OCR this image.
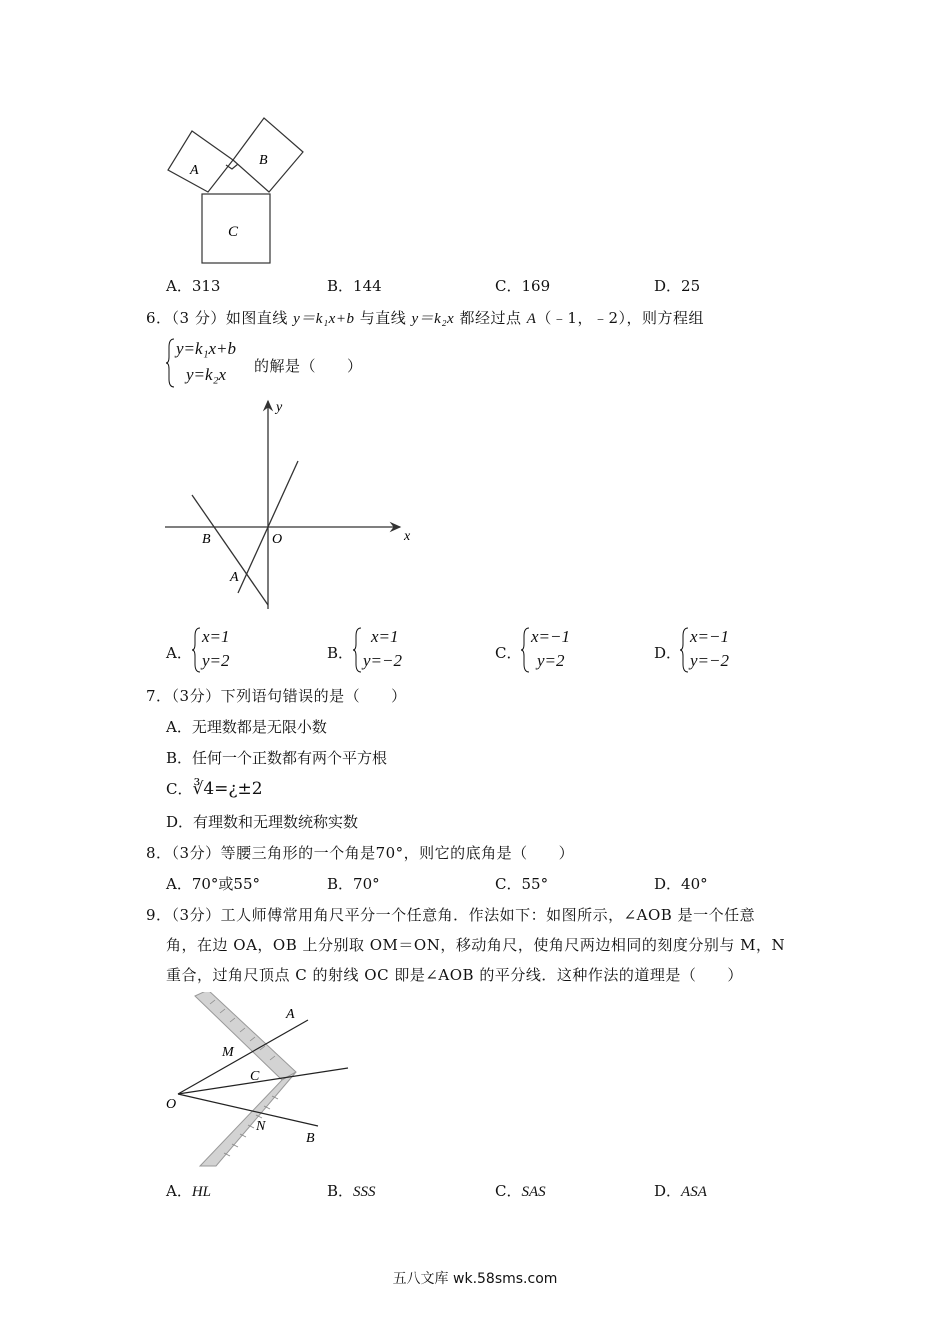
A
B
C
A．313	B．144	C．169	D．25
6．（3 分）如图直线 y＝k₁x+b 与直线 y＝k₂x 都经过点 A（﹣1，﹣2），则方程组
y=k₁x+b
y=k₂x 的解是（　　）
y
x
B	O
A
A．
x=1
y=2	B．
x=1
y=−2	C．
x=−1
y=2	D．
x=−1
y=−2
7．（3分）下列语句错误的是（　　）
A．无理数都是无限小数
B．任何一个正数都有两个平方根
C．∛4=¿±2
D．有理数和无理数统称实数
8．（3分）等腰三角形的一个角是70°，则它的底角是（　　）
A．70°或55°	B．70°	C．55°	D．40°
9．（3分）工人师傅常用角尺平分一个任意角．作法如下：如图所示，∠AOB 是一个任意
角，在边 OA，OB 上分别取 OM＝ON，移动角尺，使角尺两边相同的刻度分别与 M，N
重合，过角尺顶点 C 的射线 OC 即是∠AOB 的平分线．这种作法的道理是（　　）
A
M
C
O
N
B
A．HL	B．SSS	C．SAS	D．ASA
五八文库 wk.58sms.com
